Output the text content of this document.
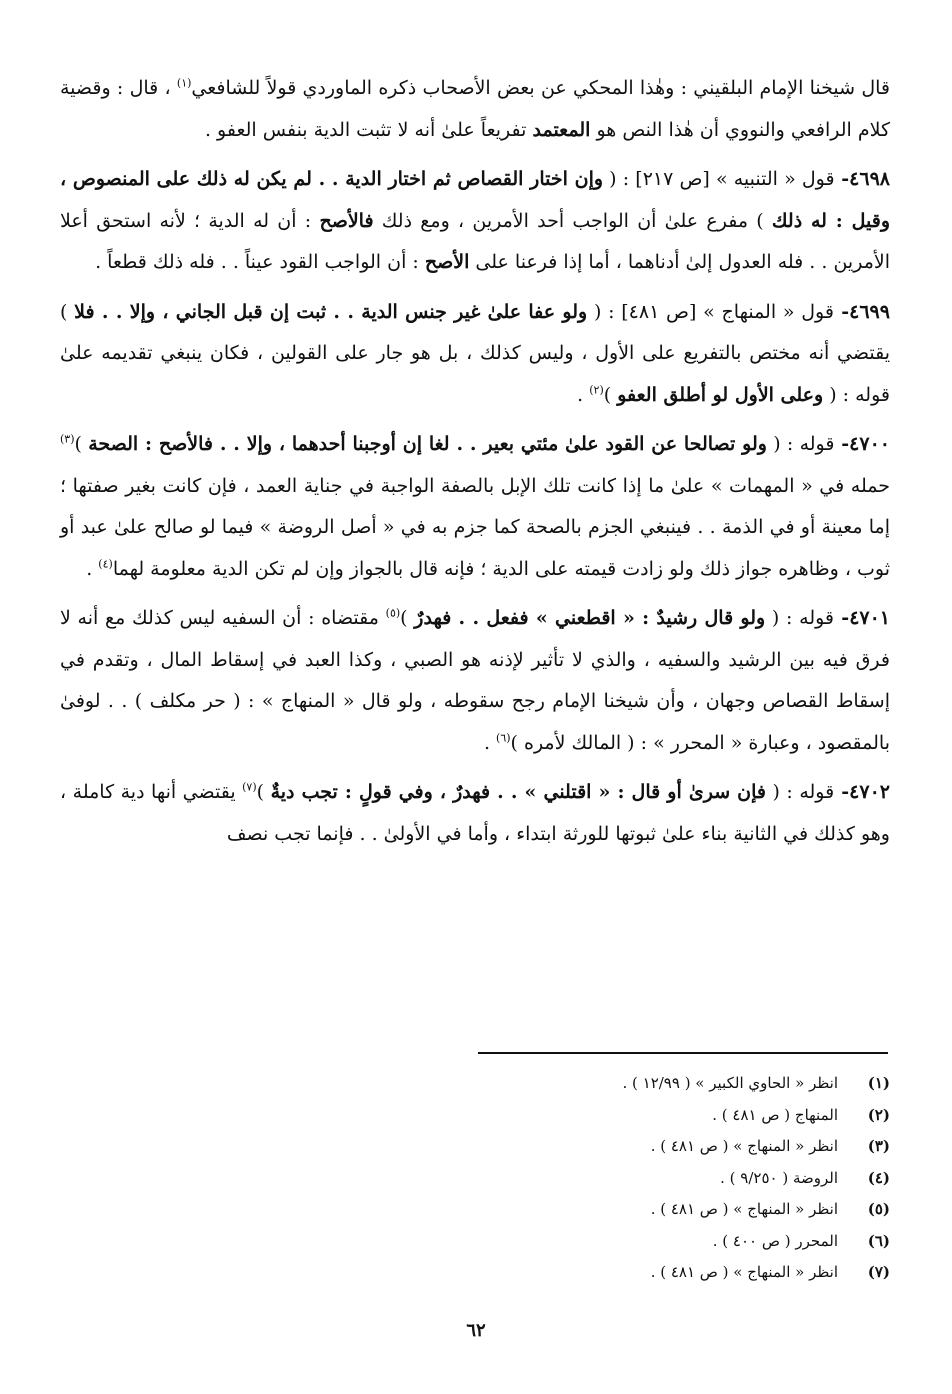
قال شيخنا الإمام البلقيني : وهٰذا المحكي عن بعض الأصحاب ذكره الماوردي قولاً للشافعي$^{(١)}$ ، قال : وقضية كلام الرافعي والنووي أن هٰذا النص هو المعتمد تفريعاً علىٰ أنه لا تثبت الدية بنفس العفو .

٤٦٩٨- قول « التنبيه » [ص ٢١٧] : ( وإن اختار القصاص ثم اختار الدية . . لم يكن له ذلك على المنصوص ، وقيل : له ذلك ) مفرع علىٰ أن الواجب أحد الأمرين ، ومع ذلك فالأصح : أن له الدية ؛ لأنه استحق أعلا الأمرين . . فله العدول إلىٰ أدناهما ، أما إذا فرعنا على الأصح : أن الواجب القود عيناً . . فله ذلك قطعاً .

٤٦٩٩- قول « المنهاج » [ص ٤٨١] : ( ولو عفا علىٰ غير جنس الدية . . ثبت إن قبل الجاني ، وإلا . . فلا ) يقتضي أنه مختص بالتفريع على الأول ، وليس كذلك ، بل هو جار على القولين ، فكان ينبغي تقديمه علىٰ قوله : ( وعلى الأول لو أطلق العفو )$^{(٢)}$ .

٤٧٠٠- قوله : ( ولو تصالحا عن القود علىٰ مئتي بعير . . لغا إن أوجبنا أحدهما ، وإلا . . فالأصح : الصحة )$^{(٣)}$ حمله في « المهمات » علىٰ ما إذا كانت تلك الإبل بالصفة الواجبة في جناية العمد ، فإن كانت بغير صفتها ؛ إما معينة أو في الذمة . . فينبغي الجزم بالصحة كما جزم به في « أصل الروضة » فيما لو صالح علىٰ عبد أو ثوب ، وظاهره جواز ذلك ولو زادت قيمته على الدية ؛ فإنه قال بالجواز وإن لم تكن الدية معلومة لهما$^{(٤)}$ .

٤٧٠١- قوله : ( ولو قال رشيدٌ : « اقطعني » ففعل . . فهدرٌ )$^{(٥)}$ مقتضاه : أن السفيه ليس كذلك مع أنه لا فرق فيه بين الرشيد والسفيه ، والذي لا تأثير لإذنه هو الصبي ، وكذا العبد في إسقاط المال ، وتقدم في إسقاط القصاص وجهان ، وأن شيخنا الإمام رجح سقوطه ، ولو قال « المنهاج » : ( حر مكلف ) . . لوفىٰ بالمقصود ، وعبارة « المحرر » : ( المالك لأمره )$^{(٦)}$ .

٤٧٠٢- قوله : ( فإن سرىٰ أو قال : « اقتلني » . . فهدرٌ ، وفي قولٍ : تجب ديةٌ )$^{(٧)}$ يقتضي أنها دية كاملة ، وهو كذلك في الثانية بناء علىٰ ثبوتها للورثة ابتداء ، وأما في الأولىٰ . . فإنما تجب نصف

(١)انظر « الحاوي الكبير » ( ١٢/٩٩ ) .
(٢)المنهاج ( ص ٤٨١ ) .
(٣)انظر « المنهاج » ( ص ٤٨١ ) .
(٤)الروضة ( ٩/٢٥٠ ) .
(٥)انظر « المنهاج » ( ص ٤٨١ ) .
(٦)المحرر ( ص ٤٠٠ ) .
(٧)انظر « المنهاج » ( ص ٤٨١ ) .
٦٢
